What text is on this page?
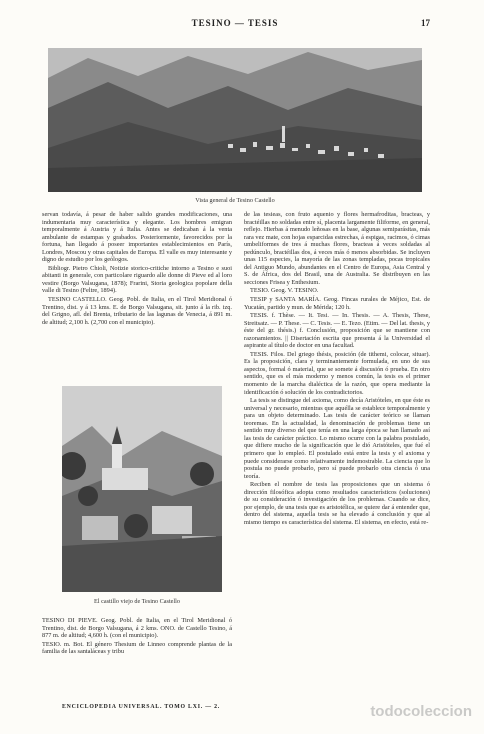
TESINO — TESIS	17
Vista general de Tesino Castello

servan todavía, á pesar de haber salido grandes modificaciones, una indumentaria muy característica y elegante. Los hombres emigran temporalmente á Austria y á Italia. Antes se dedicaban á la venta ambulante de estampas y grabados. Posteriormente, favorecidos por la fortuna, han llegado á poseer importantes establecimientos en París, Londres, Moscou y otras capitales de Europa. El valle es muy interesante y digno de estudio por los geólogos.

Bibliogr. Pietro Chioli, Notizie storico-critiche intorno a Tesino e suoi abitanti in generale, con particolare riguardo alle donne di Pieve ed al loro vestire (Borgo Valsugana, 1878); Frarini, Storia geologica popolare della valle di Tesino (Feltre, 1894).

TESINO CASTELLO. Geog. Pobl. de Italia, en el Tirol Meridional ó Trentino, dist. y á 13 kms. E. de Borgo Valsugana, sit. junto á la rib. izq. del Grigno, afl. del Brenta, tributario de las lagunas de Venecia, á 891 m. de altitud; 2,100 h. (2,700 con el municipio).

El castillo viejo de Tesino Castello

TESINO DI PIEVE. Geog. Pobl. de Italia, en el Tirol Meridional ó Trentino, dist. de Borgo Valsugana, á 2 kms. ONO. de Castello Tesino, á 877 m. de altitud; 4,600 h. (con el municipio).

TESIO. m. Bot. El género Thesium de Linneo comprende plantas de la familia de las santaláceas y tribu

de las tesieas, con fruto aquenio y flores hermafroditas, bracteas, y bractéillas no soldadas entre sí, placenta largamente filiforme, en general, reflejo. Hierbas á menudo leñosas en la base, algunas semiparásitas, más rara vez mate, con hojas esparcidas estrechas, á espigas, racimos, ó cimas umbeliformes de tres á muchas flores, bracteas á veces soldadas al pedúnculo, bractéillas dos, á veces más ó menos absorbidas. Se incluyen unas 115 especies, la mayoría de las zonas templadas, pocas tropicales del Antiguo Mundo, abundantes en el Centro de Europa, Asia Central y S. de África, dos del Brasil, una de Australia. Se distribuyen en las secciones Frisea y Enthesium.

TESIO. Geog. V. TESINO.

TESIP y SANTA MARÍA. Geog. Fincas rurales de Méjico, Est. de Yucatán, partido y mun. de Mérida; 120 h.

TESIS. f. Thèse. — It. Tesi. — In. Thesis. — A. Thesis, These, Streitsatz. — P. These. — C. Tesis. — E. Tezo. (Etim. — Del lat. thesis, y éste del gr. thésis.) f. Conclusión, proposición que se mantiene con razonamientos. || Disertación escrita que presenta á la Universidad el aspirante al título de doctor en una facultad.

TESIS. Filos. Del griego thésis, posición (de tithemi, colocar, situar). Es la proposición, clara y terminantemente formulada, en uno de sus aspectos, formal ó material, que se somete á discusión ó prueba. En otro sentido, que es el más moderno y menos común, la tesis es el primer momento de la marcha dialéctica de la razón, que opera mediante la identificación ó solución de los contradictorios.

La tesis se distingue del axioma, como decía Aristóteles, en que éste es universal y necesario, mientras que aquélla se establece temporalmente y para un objeto determinado. Las tesis de carácter teórico se llaman teoremas. En la actualidad, la denominación de problemas tiene un sentido muy diverso del que tenía en una larga época se han llamado así las tesis de carácter práctico. Lo mismo ocurre con la palabra postulado, que difiere mucho de la significación que le dió Aristóteles, que fué el primero que lo empleó. El postulado está entre la tesis y el axioma y puede considerarse como relativamente indemostrable. La ciencia que lo postula no puede probarlo, pero sí puede probarlo otra ciencia ó una teoría.

Reciben el nombre de tesis las proposiciones que un sistema ó dirección filosófica adopta como resultados característicos (soluciones) de su consideración ó investigación de los problemas. Cuando se dice, por ejemplo, de una tesis que es aristotélica, se quiere dar á entender que, dentro del sistema, aquella tesis se ha elevado á conclusión y que al mismo tiempo es característica del sistema. El sistema, en efecto, está re-

ENCICLOPEDIA UNIVERSAL. TOMO LXI. — 2.	todocoleccion
